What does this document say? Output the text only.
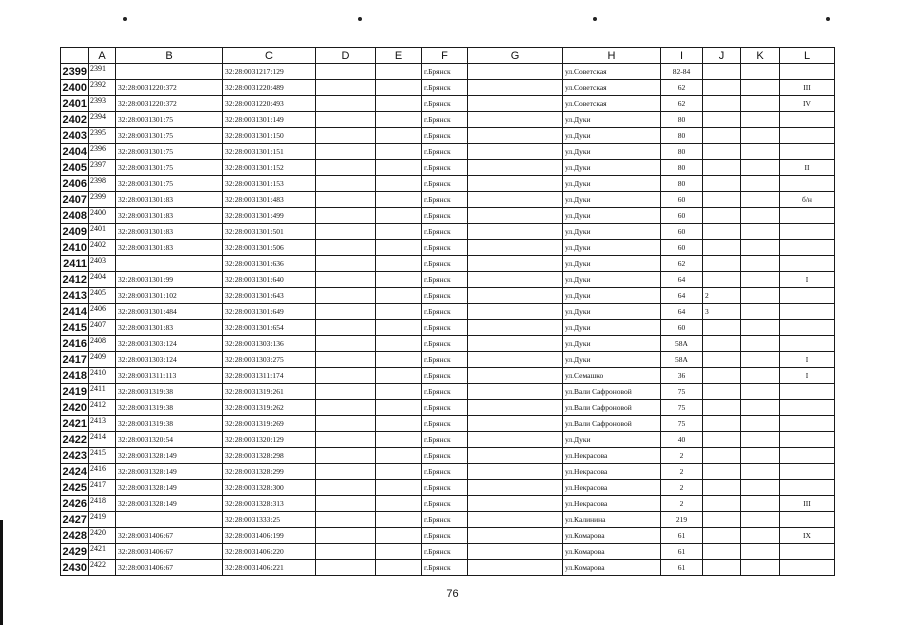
	A	B	C	D	E	F	G	H	I	J	K	L
2399	2391		32:28:0031217:129			г.Брянск		ул.Советская	82-84			
2400	2392	32:28:0031220:372	32:28:0031220:489			г.Брянск		ул.Советская	62			III
2401	2393	32:28:0031220:372	32:28:0031220:493			г.Брянск		ул.Советская	62			IV
2402	2394	32:28:0031301:75	32:28:0031301:149			г.Брянск		ул.Дуки	80			
2403	2395	32:28:0031301:75	32:28:0031301:150			г.Брянск		ул.Дуки	80			
2404	2396	32:28:0031301:75	32:28:0031301:151			г.Брянск		ул.Дуки	80			
2405	2397	32:28:0031301:75	32:28:0031301:152			г.Брянск		ул.Дуки	80			II
2406	2398	32:28:0031301:75	32:28:0031301:153			г.Брянск		ул.Дуки	80			
2407	2399	32:28:0031301:83	32:28:0031301:483			г.Брянск		ул.Дуки	60			б/н
2408	2400	32:28:0031301:83	32:28:0031301:499			г.Брянск		ул.Дуки	60			
2409	2401	32:28:0031301:83	32:28:0031301:501			г.Брянск		ул.Дуки	60			
2410	2402	32:28:0031301:83	32:28:0031301:506			г.Брянск		ул.Дуки	60			
2411	2403		32:28:0031301:636			г.Брянск		ул.Дуки	62			
2412	2404	32:28:0031301:99	32:28:0031301:640			г.Брянск		ул.Дуки	64			I
2413	2405	32:28:0031301:102	32:28:0031301:643			г.Брянск		ул.Дуки	64	2		
2414	2406	32:28:0031301:484	32:28:0031301:649			г.Брянск		ул.Дуки	64	3		
2415	2407	32:28:0031301:83	32:28:0031301:654			г.Брянск		ул.Дуки	60			
2416	2408	32:28:0031303:124	32:28:0031303:136			г.Брянск		ул.Дуки	58А			
2417	2409	32:28:0031303:124	32:28:0031303:275			г.Брянск		ул.Дуки	58А			I
2418	2410	32:28:0031311:113	32:28:0031311:174			г.Брянск		ул.Семашко	36			I
2419	2411	32:28:0031319:38	32:28:0031319:261			г.Брянск		ул.Вали Сафроновой	75			
2420	2412	32:28:0031319:38	32:28:0031319:262			г.Брянск		ул.Вали Сафроновой	75			
2421	2413	32:28:0031319:38	32:28:0031319:269			г.Брянск		ул.Вали Сафроновой	75			
2422	2414	32:28:0031320:54	32:28:0031320:129			г.Брянск		ул.Дуки	40			
2423	2415	32:28:0031328:149	32:28:0031328:298			г.Брянск		ул.Некрасова	2			
2424	2416	32:28:0031328:149	32:28:0031328:299			г.Брянск		ул.Некрасова	2			
2425	2417	32:28:0031328:149	32:28:0031328:300			г.Брянск		ул.Некрасова	2			
2426	2418	32:28:0031328:149	32:28:0031328:313			г.Брянск		ул.Некрасова	2			III
2427	2419		32:28:0031333:25			г.Брянск		ул.Калинина	219			
2428	2420	32:28:0031406:67	32:28:0031406:199			г.Брянск		ул.Комарова	61			IX
2429	2421	32:28:0031406:67	32:28:0031406:220			г.Брянск		ул.Комарова	61			
2430	2422	32:28:0031406:67	32:28:0031406:221			г.Брянск		ул.Комарова	61			
76
